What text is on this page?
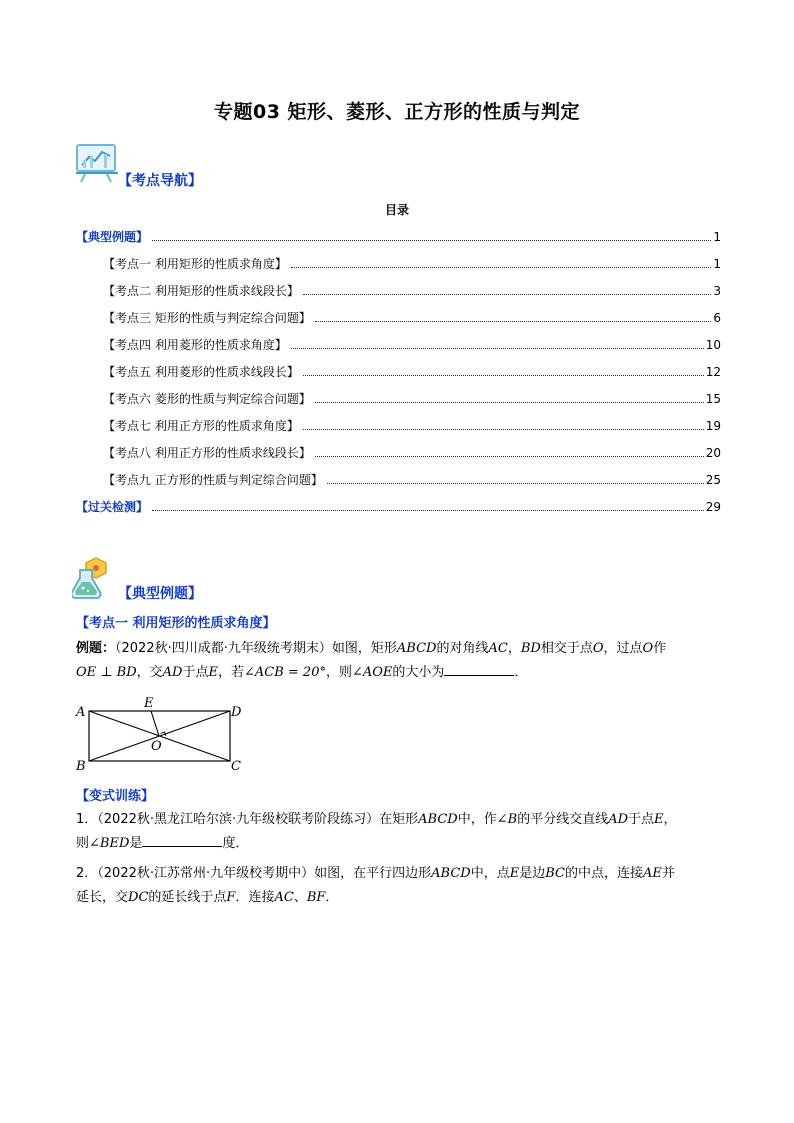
专题03 矩形、菱形、正方形的性质与判定
【考点导航】
目录
【典型例题】	1
【考点一 利用矩形的性质求角度】	1
【考点二 利用矩形的性质求线段长】	3
【考点三 矩形的性质与判定综合问题】	6
【考点四 利用菱形的性质求角度】	10
【考点五 利用菱形的性质求线段长】	12
【考点六 菱形的性质与判定综合问题】	15
【考点七 利用正方形的性质求角度】	19
【考点八 利用正方形的性质求线段长】	20
【考点九 正方形的性质与判定综合问题】	25
【过关检测】	29
【典型例题】
【考点一 利用矩形的性质求角度】
例题：（2022秋·四川成都·九年级统考期末）如图，矩形ABCD的对角线AC，BD相交于点O，过点O作
OE ⊥ BD，交AD于点E，若∠ACB = 20°，则∠AOE的大小为	．
A
B	C
D
E
O
【变式训练】
1．（2022秋·黑龙江哈尔滨·九年级校联考阶段练习）在矩形ABCD中，作∠B的平分线交直线AD于点E，
则∠BED是	度．
2．（2022秋·江苏常州·九年级校考期中）如图，在平行四边形ABCD中，点E是边BC的中点，连接AE并
延长，交DC的延长线于点F．连接AC、BF．
